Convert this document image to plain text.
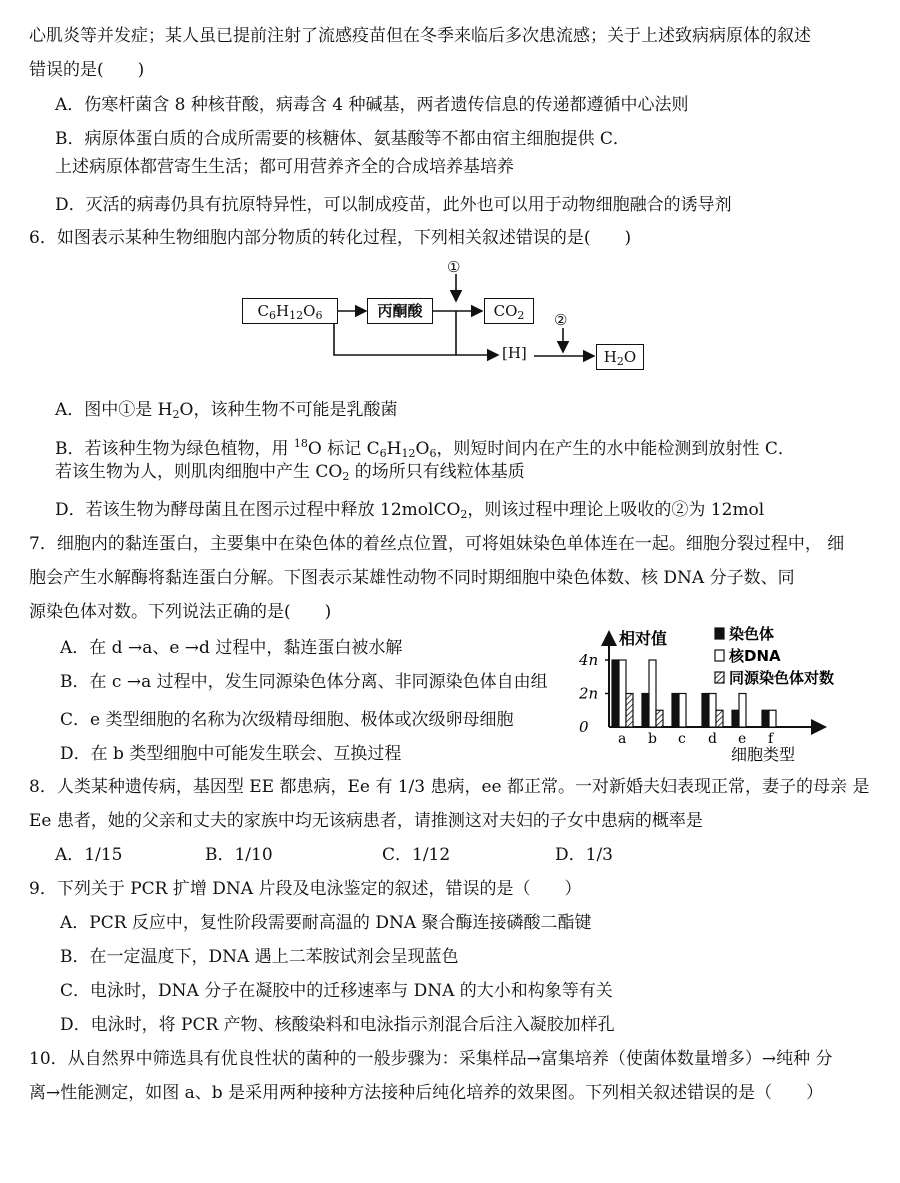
心肌炎等并发症；某人虽已提前注射了流感疫苗但在冬季来临后多次患流感；关于上述致病病原体的叙述
错误的是(　　)
A．伤寒杆菌含 8 种核苷酸，病毒含 4 种碱基，两者遗传信息的传递都遵循中心法则
B．病原体蛋白质的合成所需要的核糖体、氨基酸等不都由宿主细胞提供 C．
上述病原体都营寄生生活；都可用营养齐全的合成培养基培养
D．灭活的病毒仍具有抗原特异性，可以制成疫苗，此外也可以用于动物细胞融合的诱导剂
6．如图表示某种生物细胞内部分物质的转化过程，下列相关叙述错误的是(　　)
$C_6H_{12}O_6$	丙酮酸	$CO_2$
①
②
[H]	$H_2O$
A．图中①是 $H_2O$，该种生物不可能是乳酸菌
B．若该种生物为绿色植物，用 $^{18}$O 标记 $C_6H_{12}O_6$，则短时间内在产生的水中能检测到放射性 C．
若该生物为人，则肌肉细胞中产生 $CO_2$ 的场所只有线粒体基质
D．若该生物为酵母菌且在图示过程中释放 12molCO$_2$，则该过程中理论上吸收的②为 12mol
7．细胞内的黏连蛋白，主要集中在染色体的着丝点位置，可将姐妹染色单体连在一起。细胞分裂过程中， 细
胞会产生水解酶将黏连蛋白分解。下图表示某雄性动物不同时期细胞中染色体数、核 DNA 分子数、同
源染色体对数。下列说法正确的是(　　)
A．在 d →a、e →d 过程中，黏连蛋白被水解
B．在 c →a 过程中，发生同源染色体分离、非同源染色体自由组
C．e 类型细胞的名称为次级精母细胞、极体或次级卵母细胞
D．在 b 类型细胞中可能发生联会、互换过程
4n
2n
0
相对值
a b c d e f
细胞类型
染色体
核DNA
同源染色体对数
8．人类某种遗传病，基因型 EE 都患病，Ee 有 1/3 患病，ee 都正常。一对新婚夫妇表现正常，妻子的母亲 是
Ee 患者，她的父亲和丈夫的家族中均无该病患者，请推测这对夫妇的子女中患病的概率是
A．1/15	B．1/10	C．1/12	D．1/3
9．下列关于 PCR 扩增 DNA 片段及电泳鉴定的叙述，错误的是（　　）
A．PCR 反应中，复性阶段需要耐高温的 DNA 聚合酶连接磷酸二酯键
B．在一定温度下，DNA 遇上二苯胺试剂会呈现蓝色
C．电泳时，DNA 分子在凝胶中的迁移速率与 DNA 的大小和构象等有关
D．电泳时，将 PCR 产物、核酸染料和电泳指示剂混合后注入凝胶加样孔
10．从自然界中筛选具有优良性状的菌种的一般步骤为：采集样品→富集培养（使菌体数量增多）→纯种 分
离→性能测定，如图 a、b 是采用两种接种方法接种后纯化培养的效果图。下列相关叙述错误的是（　　）
